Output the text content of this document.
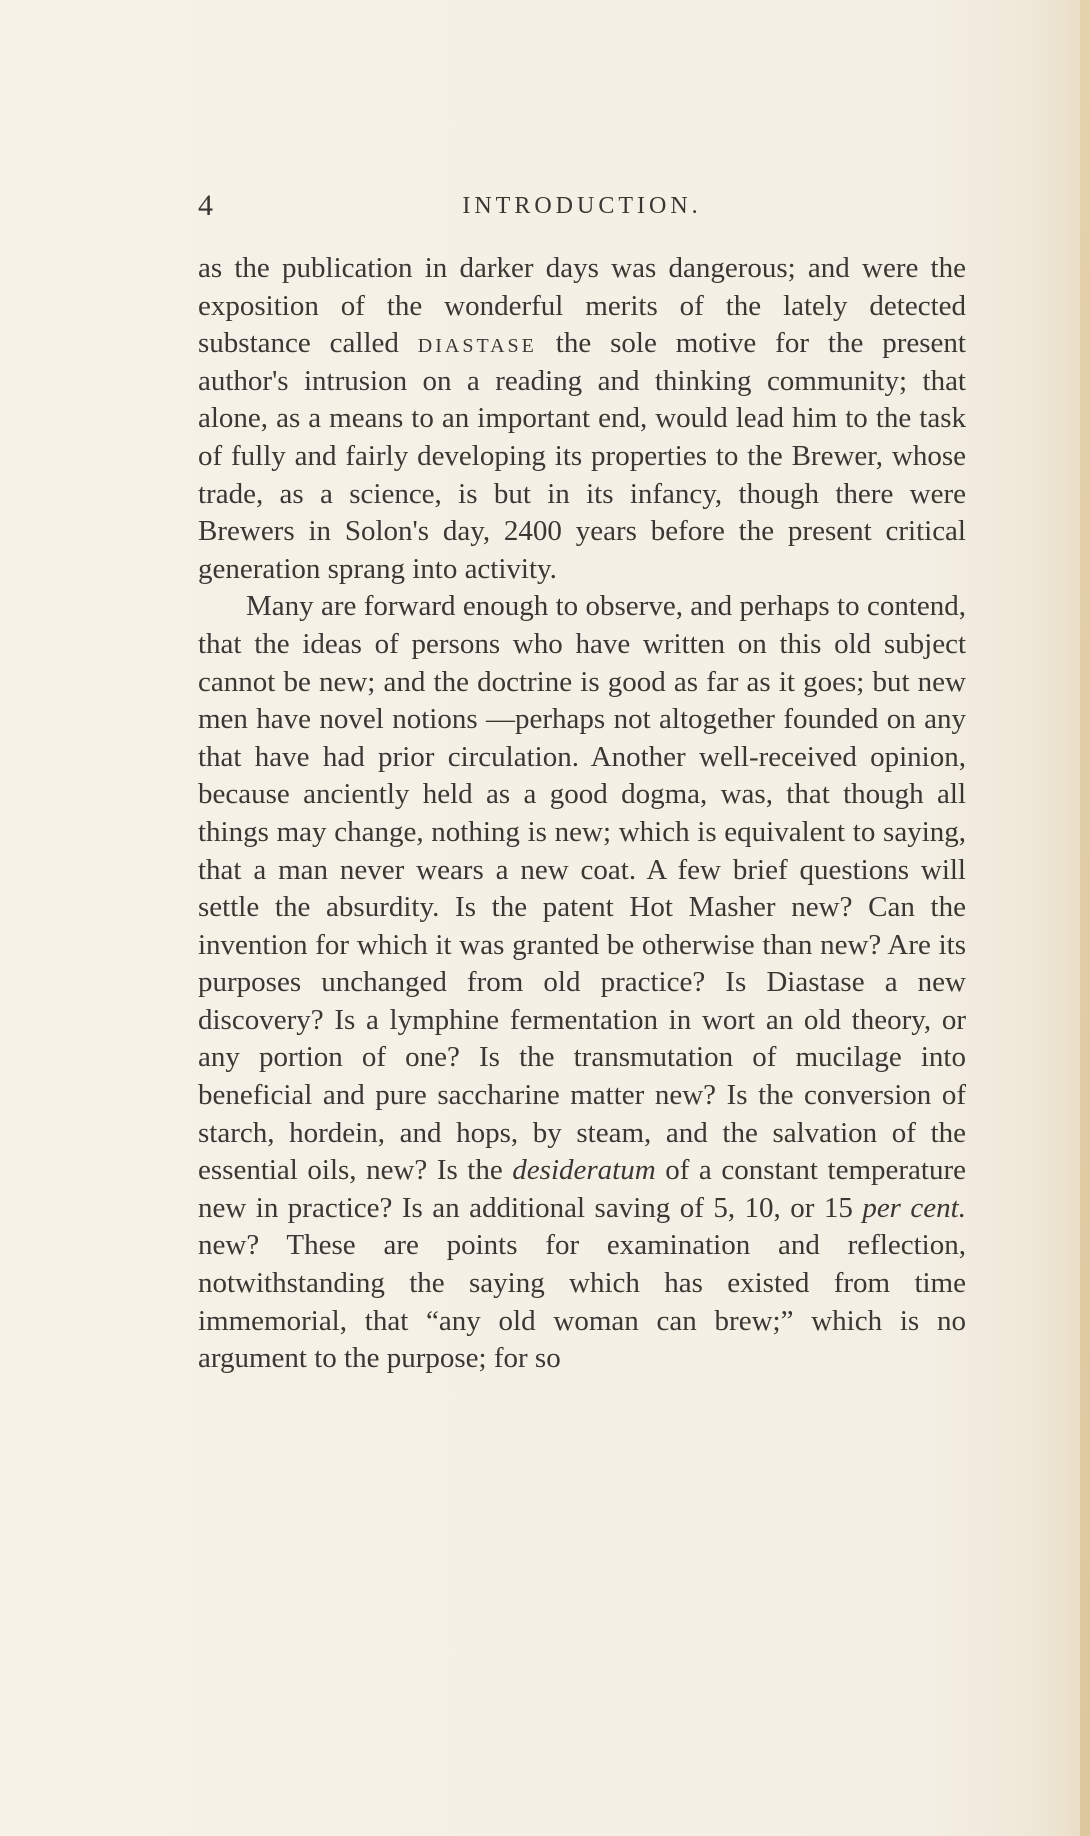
4	INTRODUCTION.

as the publication in darker days was dangerous; and were the exposition of the wonderful merits of the lately detected substance called diastase the sole motive for the present author's intrusion on a reading and thinking community; that alone, as a means to an important end, would lead him to the task of fully and fairly developing its properties to the Brewer, whose trade, as a science, is but in its infancy, though there were Brewers in Solon's day, 2400 years before the present critical generation sprang into activity.

Many are forward enough to observe, and perhaps to contend, that the ideas of persons who have written on this old subject cannot be new; and the doctrine is good as far as it goes; but new men have novel notions —perhaps not altogether founded on any that have had prior circulation. Another well-received opinion, because anciently held as a good dogma, was, that though all things may change, nothing is new; which is equivalent to saying, that a man never wears a new coat. A few brief questions will settle the absurdity. Is the patent Hot Masher new? Can the invention for which it was granted be otherwise than new? Are its purposes unchanged from old practice? Is Diastase a new discovery? Is a lymphine fermentation in wort an old theory, or any portion of one? Is the transmutation of mucilage into beneficial and pure saccharine matter new? Is the conversion of starch, hordein, and hops, by steam, and the salvation of the essential oils, new? Is the desideratum of a constant temperature new in practice? Is an additional saving of 5, 10, or 15 per cent. new? These are points for examination and reflection, notwithstanding the saying which has existed from time immemorial, that “any old woman can brew;” which is no argument to the purpose; for so
